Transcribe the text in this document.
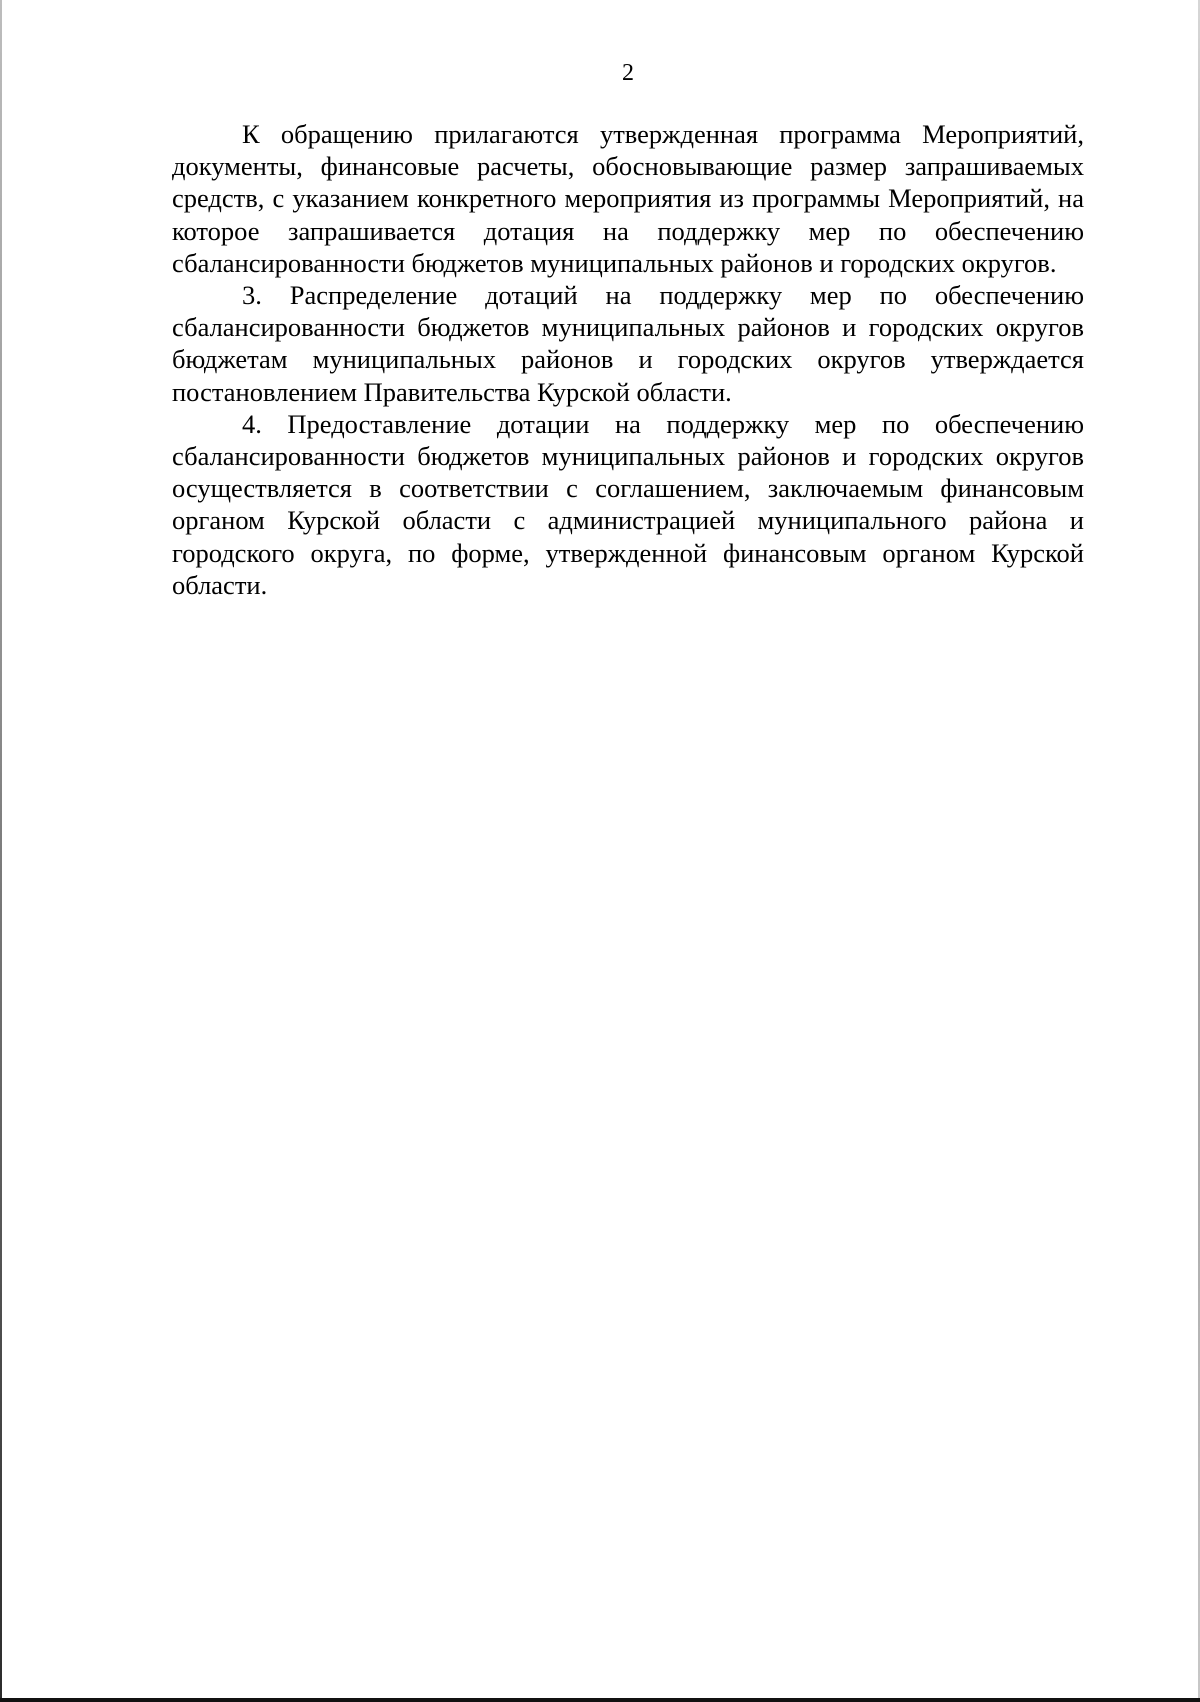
2

К обращению прилагаются утвержденная программа Мероприятий, документы, финансовые расчеты, обосновывающие размер запрашиваемых средств, с указанием конкретного мероприятия из программы Мероприятий, на которое запрашивается дотация на поддержку мер по обеспечению сбалансированности бюджетов муниципальных районов и городских округов.

3. Распределение дотаций на поддержку мер по обеспечению сбалансированности бюджетов муниципальных районов и городских округов бюджетам муниципальных районов и городских округов утверждается постановлением Правительства Курской области.

4. Предоставление дотации на поддержку мер по обеспечению сбалансированности бюджетов муниципальных районов и городских округов осуществляется в соответствии с соглашением, заключаемым финансовым органом Курской области с администрацией муниципального района и городского округа, по форме, утвержденной финансовым органом Курской области.
